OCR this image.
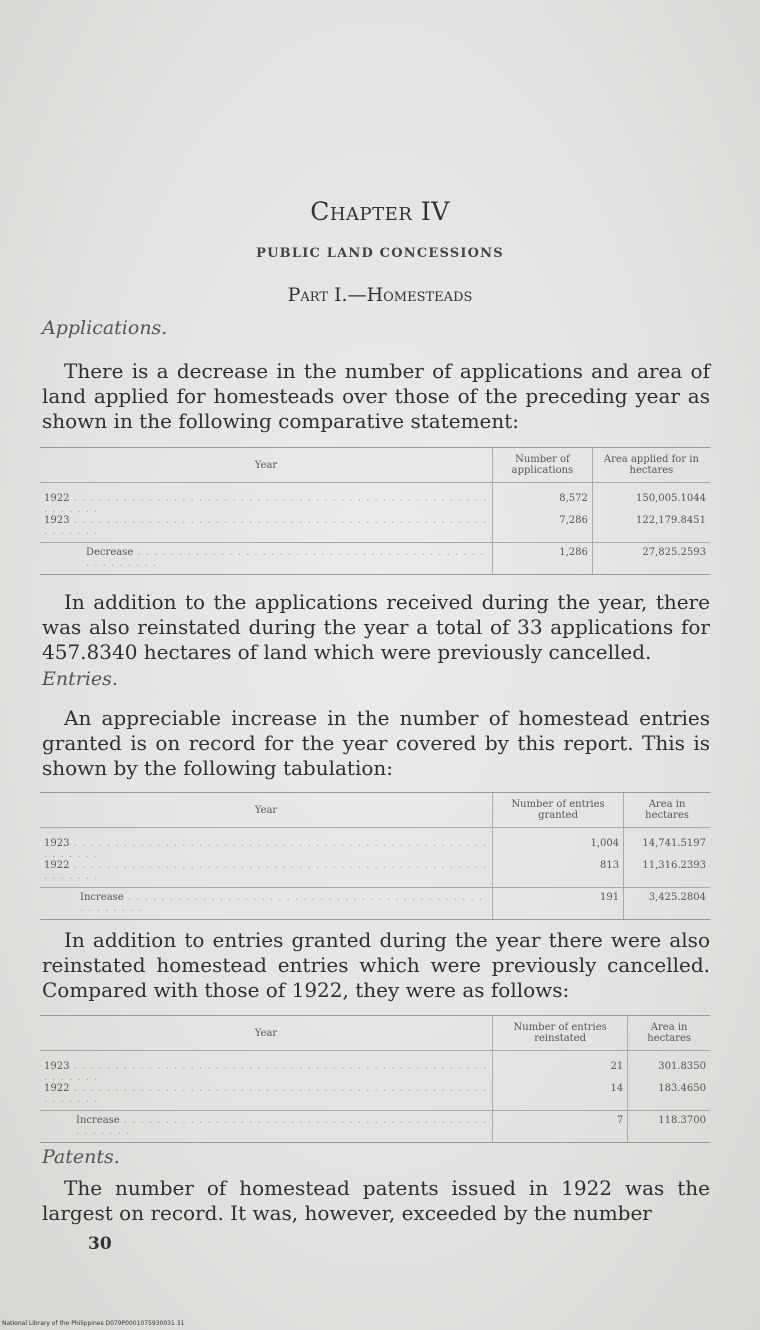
Chapter IV
PUBLIC LAND CONCESSIONS
Part I.—Homesteads
Applications.
There is a decrease in the number of applications and area of land applied for homesteads over those of the preceding year as shown in the following comparative statement:

Year	Number of applications	Area applied for in hectares
1922 . . . . . . . . . . . . . . . . . . . . . . . . . . . . . . . . . . . . . . . . . . . . . . . . . . . . . . . . .	8,572	150,005.1044
1923 . . . . . . . . . . . . . . . . . . . . . . . . . . . . . . . . . . . . . . . . . . . . . . . . . . . . . . . . .	7,286	122,179.8451
Decrease . . . . . . . . . . . . . . . . . . . . . . . . . . . . . . . . . . . . . . . . . . . . . . . . . . .	1,286	27,825.2593
In addition to the applications received during the year, there was also reinstated during the year a total of 33 applications for 457.8340 hectares of land which were previously cancelled.
Entries.
An appreciable increase in the number of homestead entries granted is on record for the year covered by this report. This is shown by the following tabulation:

Year	Number of entries granted	Area in hectares
1923 . . . . . . . . . . . . . . . . . . . . . . . . . . . . . . . . . . . . . . . . . . . . . . . . . . . . . . . . .	1,004	14,741.5197
1922 . . . . . . . . . . . . . . . . . . . . . . . . . . . . . . . . . . . . . . . . . . . . . . . . . . . . . . . . .	813	11,316.2393
Increase . . . . . . . . . . . . . . . . . . . . . . . . . . . . . . . . . . . . . . . . . . . . . . . . . . .	191	3,425.2804
In addition to entries granted during the year there were also reinstated homestead entries which were previously cancelled. Compared with those of 1922, they were as follows:

Year	Number of entries reinstated	Area in hectares
1923 . . . . . . . . . . . . . . . . . . . . . . . . . . . . . . . . . . . . . . . . . . . . . . . . . . . . . . . . .	21	301.8350
1922 . . . . . . . . . . . . . . . . . . . . . . . . . . . . . . . . . . . . . . . . . . . . . . . . . . . . . . . . .	14	183.4650
Increase . . . . . . . . . . . . . . . . . . . . . . . . . . . . . . . . . . . . . . . . . . . . . . . . . . .	7	118.3700
Patents.
The number of homestead patents issued in 1922 was the largest on record. It was, however, exceeded by the number
30
National Library of the Philippines D079P0001075930031 31
